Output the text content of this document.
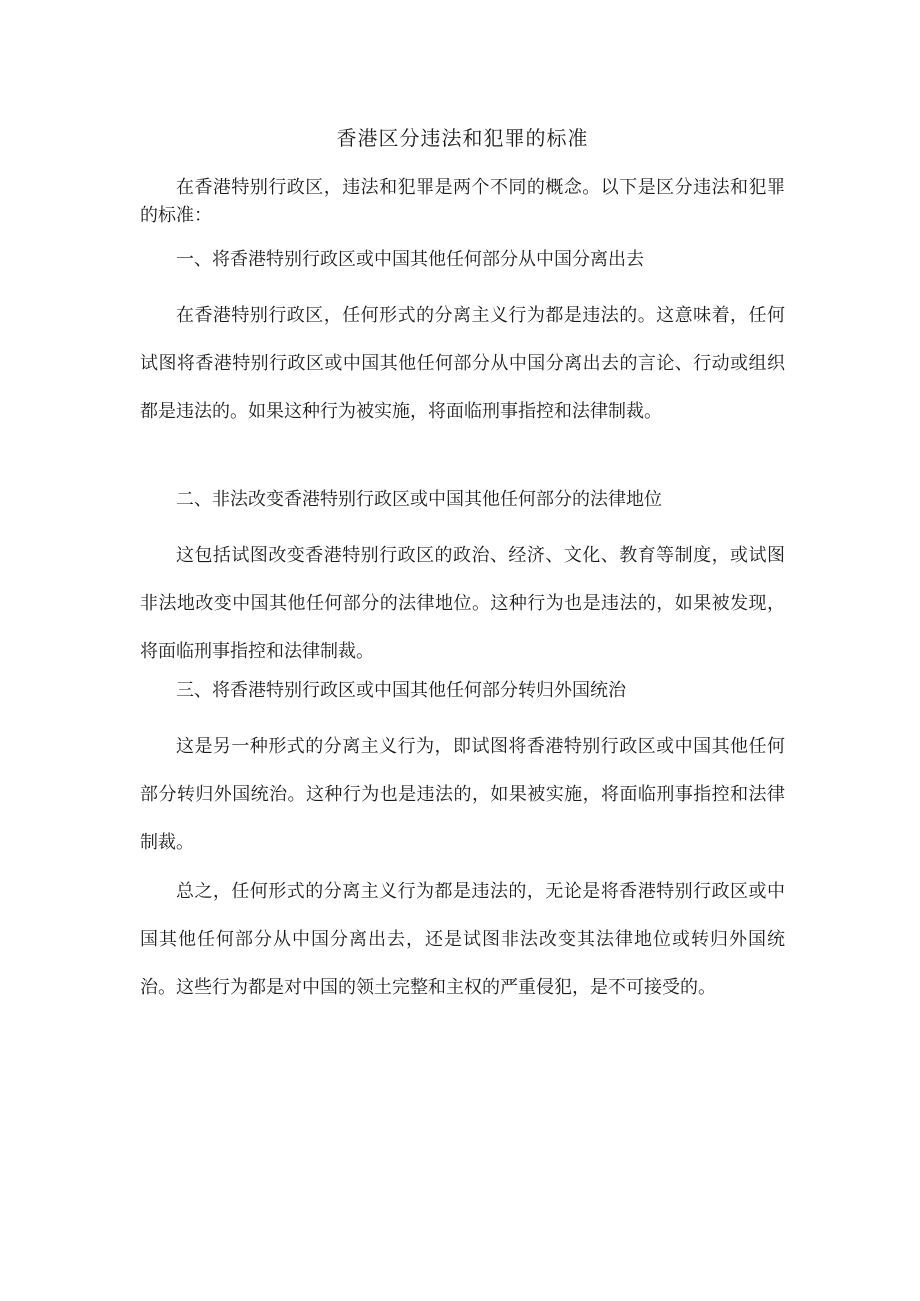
香港区分违法和犯罪的标准

在香港特别行政区，违法和犯罪是两个不同的概念。以下是区分违法和犯罪的标准：

一、将香港特别行政区或中国其他任何部分从中国分离出去

在香港特别行政区，任何形式的分离主义行为都是违法的。这意味着，任何试图将香港特别行政区或中国其他任何部分从中国分离出去的言论、行动或组织都是违法的。如果这种行为被实施，将面临刑事指控和法律制裁。

二、非法改变香港特别行政区或中国其他任何部分的法律地位

这包括试图改变香港特别行政区的政治、经济、文化、教育等制度，或试图非法地改变中国其他任何部分的法律地位。这种行为也是违法的，如果被发现，将面临刑事指控和法律制裁。

三、将香港特别行政区或中国其他任何部分转归外国统治

这是另一种形式的分离主义行为，即试图将香港特别行政区或中国其他任何部分转归外国统治。这种行为也是违法的，如果被实施，将面临刑事指控和法律制裁。

总之，任何形式的分离主义行为都是违法的，无论是将香港特别行政区或中国其他任何部分从中国分离出去，还是试图非法改变其法律地位或转归外国统治。这些行为都是对中国的领土完整和主权的严重侵犯，是不可接受的。
